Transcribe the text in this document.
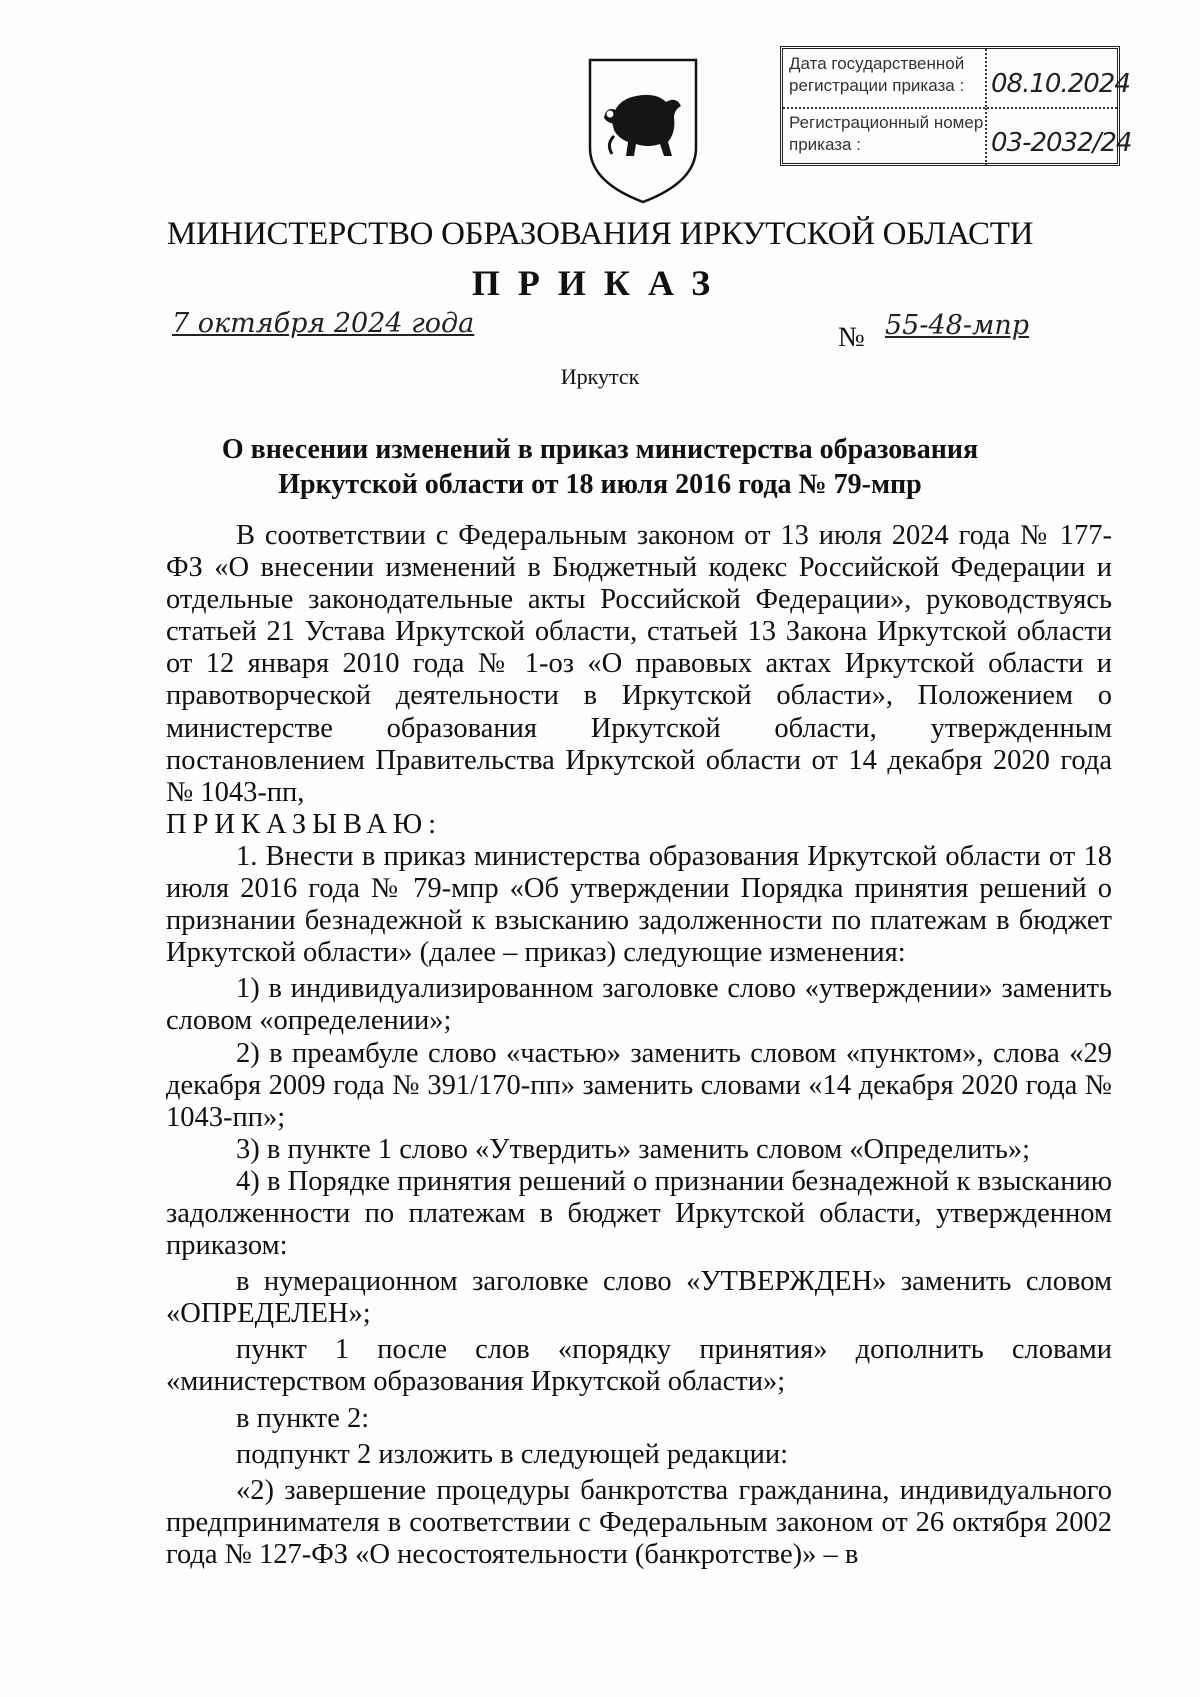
Дата государственной регистрации приказа :	08.10.2024
Регистрационный номер приказа :	03-2032/24
МИНИСТЕРСТВО ОБРАЗОВАНИЯ ИРКУТСКОЙ ОБЛАСТИ
ПРИКАЗ
7 октября 2024 года	№ 55-48-мпр
Иркутск
О внесении изменений в приказ министерства образования
Иркутской области от 18 июля 2016 года № 79-мпр

В соответствии с Федеральным законом от 13 июля 2024 года № 177-ФЗ «О внесении изменений в Бюджетный кодекс Российской Федерации и отдельные законодательные акты Российской Федерации», руководствуясь статьей 21 Устава Иркутской области, статьей 13 Закона Иркутской области от 12 января 2010 года № 1-оз «О правовых актах Иркутской области и правотворческой деятельности в Иркутской области», Положением о министерстве образования Иркутской области, утвержденным постановлением Правительства Иркутской области от 14 декабря 2020 года № 1043-пп,

ПРИКАЗЫВАЮ:

1. Внести в приказ министерства образования Иркутской области от 18 июля 2016 года № 79-мпр «Об утверждении Порядка принятия решений о признании безнадежной к взысканию задолженности по платежам в бюджет Иркутской области» (далее – приказ) следующие изменения:

1) в индивидуализированном заголовке слово «утверждении» заменить словом «определении»;

2) в преамбуле слово «частью» заменить словом «пунктом», слова «29 декабря 2009 года № 391/170-пп» заменить словами «14 декабря 2020 года № 1043-пп»;

3) в пункте 1 слово «Утвердить» заменить словом «Определить»;

4) в Порядке принятия решений о признании безнадежной к взысканию задолженности по платежам в бюджет Иркутской области, утвержденном приказом:

в нумерационном заголовке слово «УТВЕРЖДЕН» заменить словом «ОПРЕДЕЛЕН»;

пункт 1 после слов «порядку принятия» дополнить словами «министерством образования Иркутской области»;

в пункте 2:

подпункт 2 изложить в следующей редакции:

«2) завершение процедуры банкротства гражданина, индивидуального предпринимателя в соответствии с Федеральным законом от 26 октября 2002 года № 127-ФЗ «О несостоятельности (банкротстве)» – в
